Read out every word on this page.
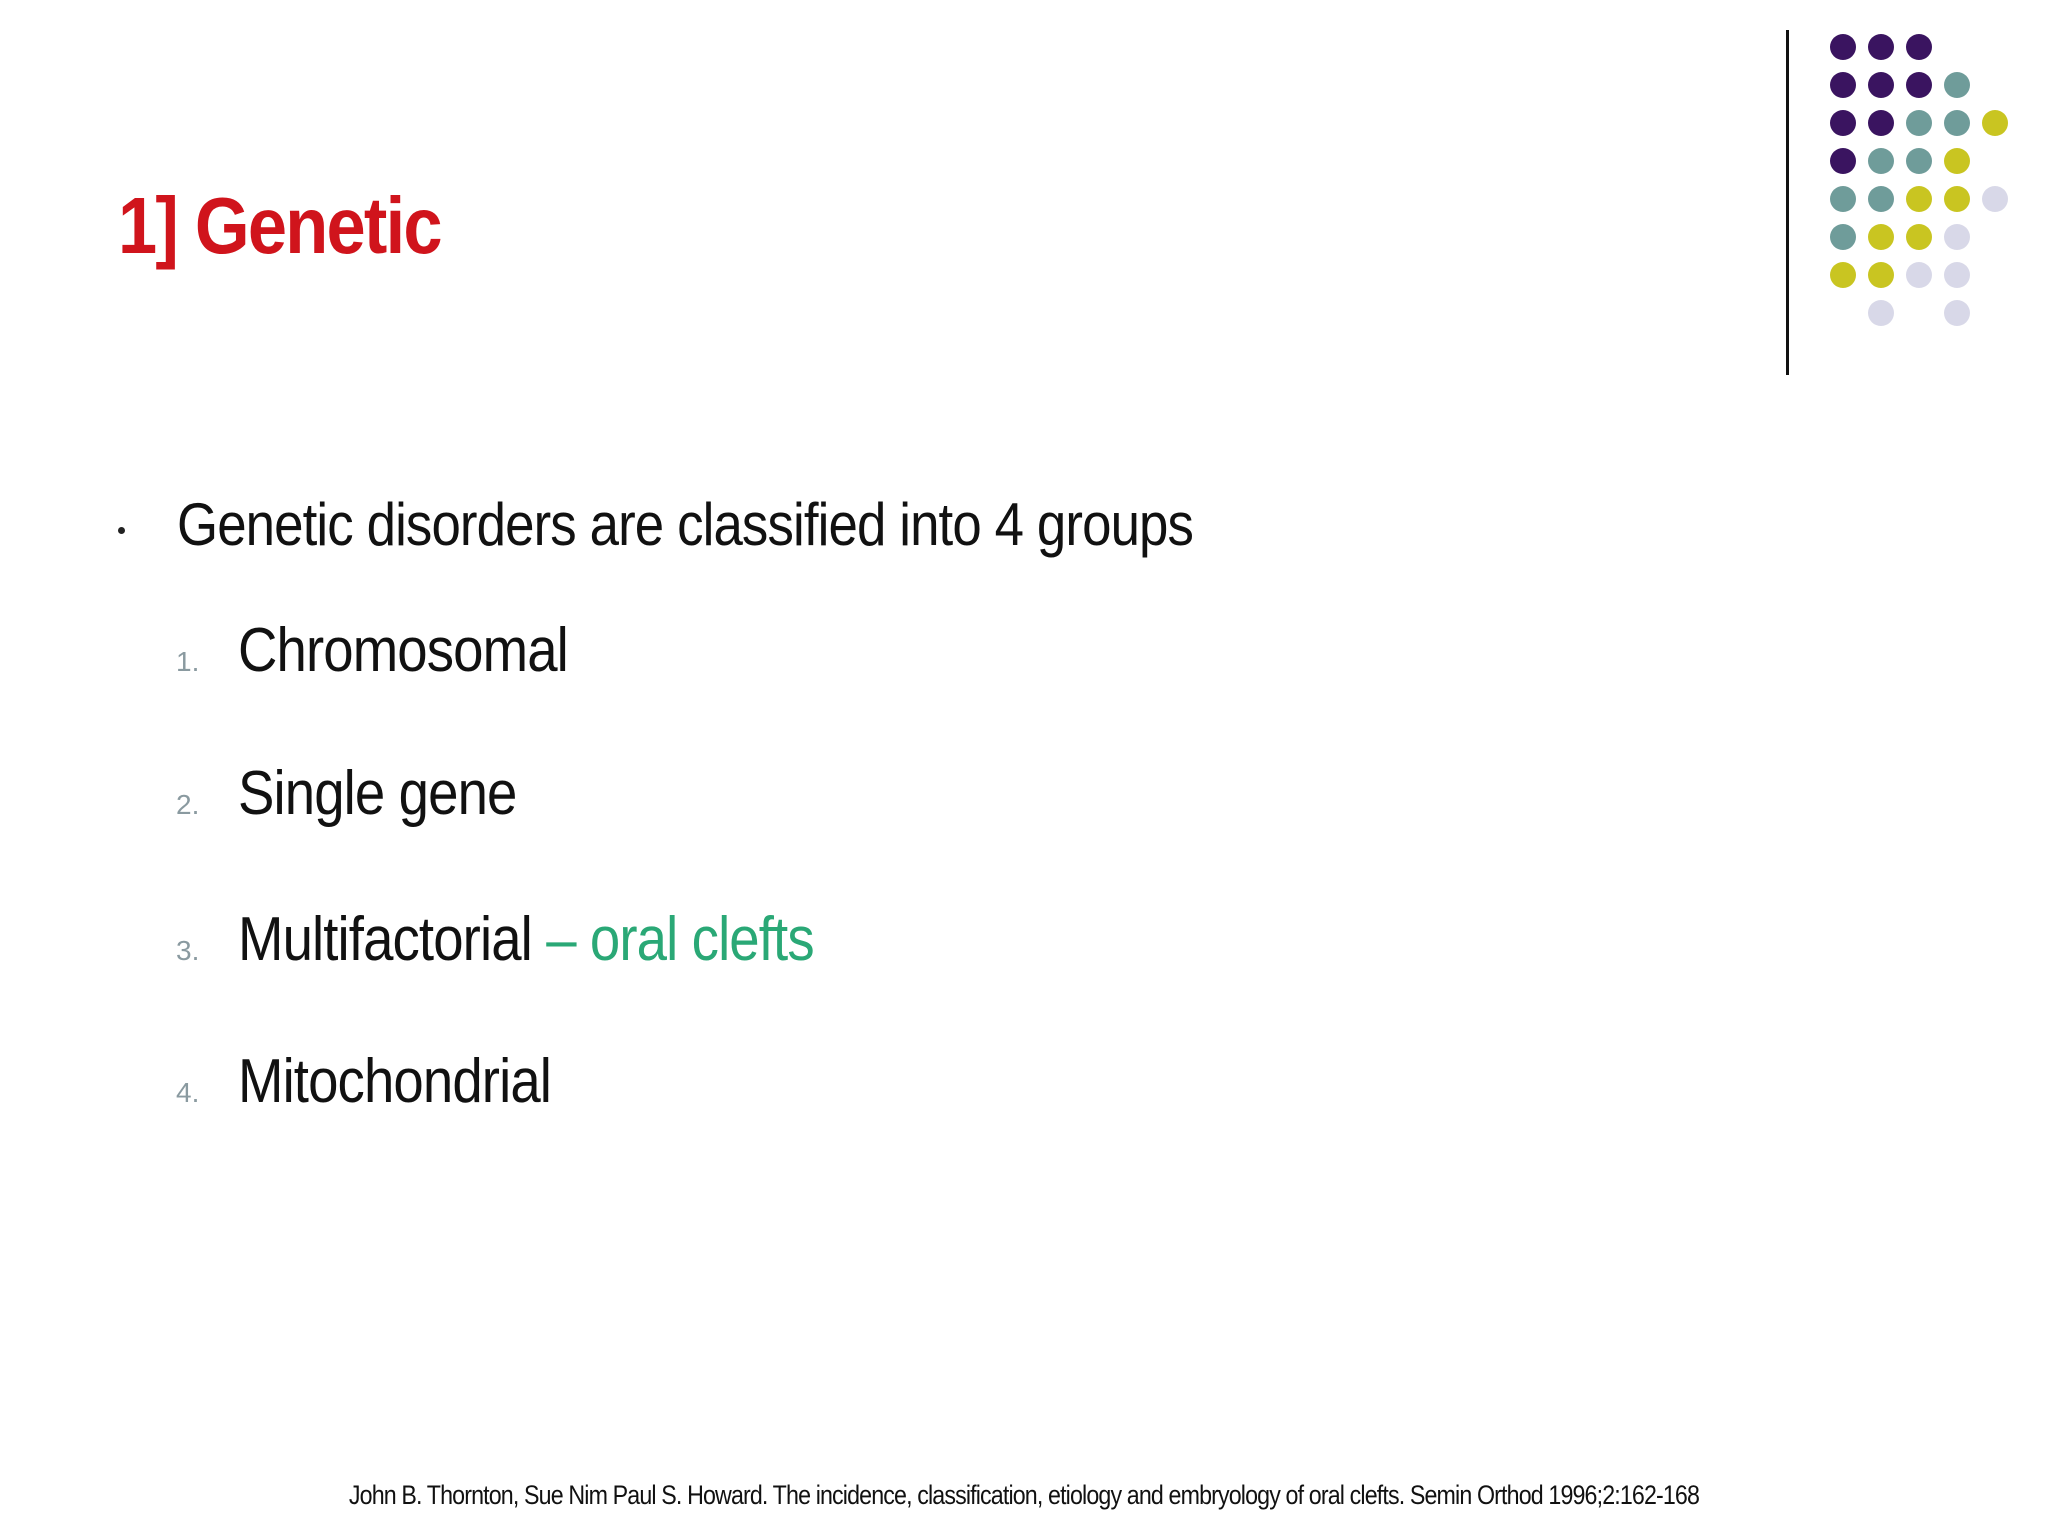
1] Genetic
Genetic disorders are classified into 4 groups
1. Chromosomal
2. Single gene
3. Multifactorial – oral clefts
4. Mitochondrial
John B. Thornton, Sue Nim Paul S. Howard. The incidence, classification, etiology and embryology of oral clefts. Semin Orthod 1996;2:162-168
